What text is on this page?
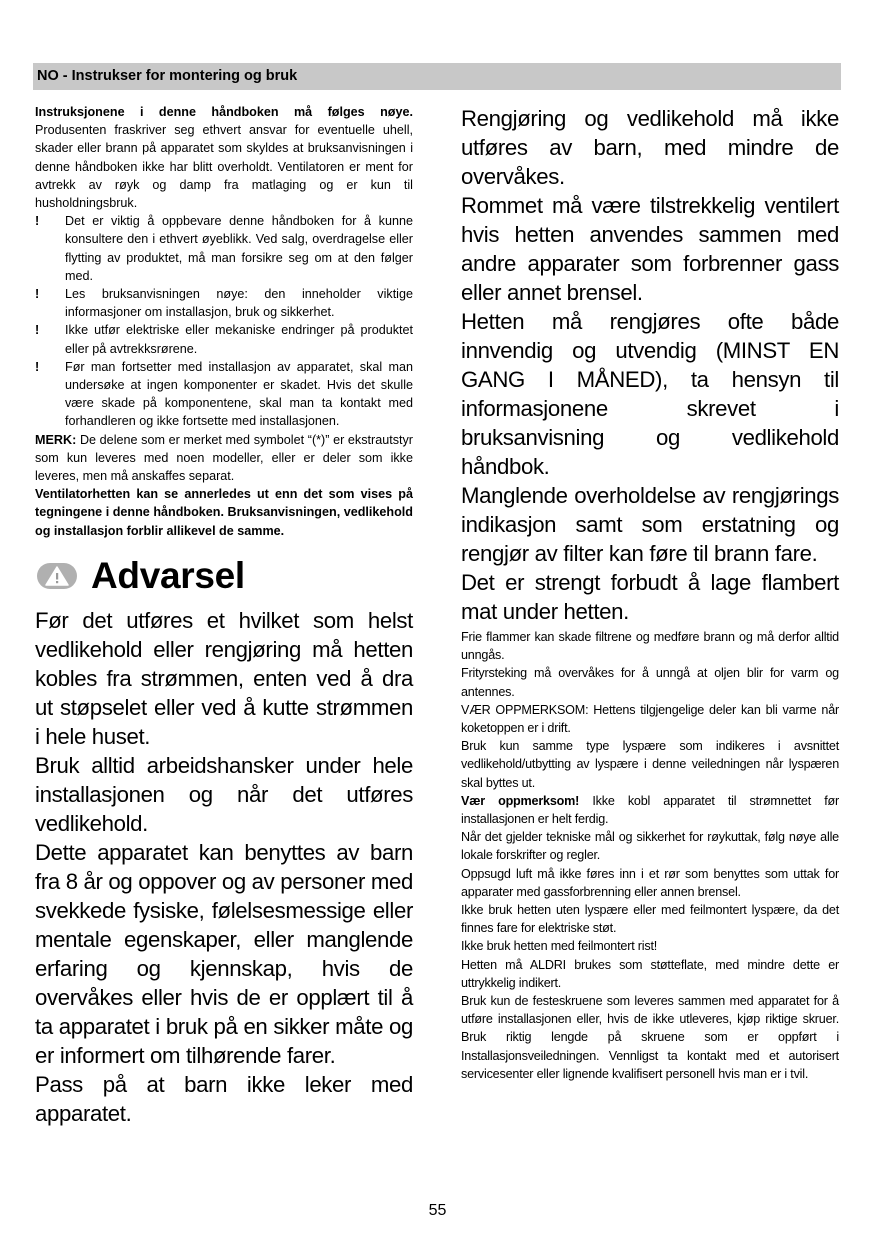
NO - Instrukser for montering og bruk

Instruksjonene i denne håndboken må følges nøye. Produsenten fraskriver seg ethvert ansvar for eventuelle uhell, skader eller brann på apparatet som skyldes at bruksanvisningen i denne håndboken ikke har blitt overholdt. Ventilatoren er ment for avtrekk av røyk og damp fra matlaging og er kun til husholdningsbruk.

! Det er viktig å oppbevare denne håndboken for å kunne konsultere den i ethvert øyeblikk. Ved salg, overdragelse eller flytting av produktet, må man forsikre seg om at den følger med.
! Les bruksanvisningen nøye: den inneholder viktige informasjoner om installasjon, bruk og sikkerhet.
! Ikke utfør elektriske eller mekaniske endringer på produktet eller på avtrekksrørene.
! Før man fortsetter med installasjon av apparatet, skal man undersøke at ingen komponenter er skadet. Hvis det skulle være skade på komponentene, skal man ta kontakt med forhandleren og ikke fortsette med installasjonen.

MERK: De delene som er merket med symbolet “(*)” er ekstrautstyr som kun leveres med noen modeller, eller er deler som ikke leveres, men må anskaffes separat.

Ventilatorhetten kan se annerledes ut enn det som vises på tegningene i denne håndboken. Bruksanvisningen, vedlikehold og installasjon forblir allikevel de samme.

Advarsel

Før det utføres et hvilket som helst vedlikehold eller rengjøring må hetten kobles fra strømmen, enten ved å dra ut støpselet eller ved å kutte strømmen i hele huset.

Bruk alltid arbeidshansker under hele installasjonen og når det utføres vedlikehold.

Dette apparatet kan benyttes av barn fra 8 år og oppover og av personer med svekkede fysiske, følelsesmessige eller mentale egenskaper, eller manglende erfaring og kjennskap, hvis de overvåkes eller hvis de er opplært til å ta apparatet i bruk på en sikker måte og er informert om tilhørende farer.

Pass på at barn ikke leker med apparatet.

Rengjøring og vedlikehold må ikke utføres av barn, med mindre de overvåkes.

Rommet må være tilstrekkelig ventilert hvis hetten anvendes sammen med andre apparater som forbrenner gass eller annet brensel.

Hetten må rengjøres ofte både innvendig og utvendig (MINST EN GANG I MÅNED), ta hensyn til informasjonene skrevet i bruksanvisning og vedlikehold håndbok.

Manglende overholdelse av rengjørings indikasjon samt som erstatning og rengjør av filter kan føre til brann fare.

Det er strengt forbudt å lage flambert mat under hetten.

Frie flammer kan skade filtrene og medføre brann og må derfor alltid unngås.

Frityrsteking må overvåkes for å unngå at oljen blir for varm og antennes.

VÆR OPPMERKSOM: Hettens tilgjengelige deler kan bli varme når koketoppen er i drift.

Bruk kun samme type lyspære som indikeres i avsnittet vedlikehold/utbytting av lyspære i denne veiledningen når lyspæren skal byttes ut.

Vær oppmerksom! Ikke kobl apparatet til strømnettet før installasjonen er helt ferdig.

Når det gjelder tekniske mål og sikkerhet for røykuttak, følg nøye alle lokale forskrifter og regler.

Oppsugd luft må ikke føres inn i et rør som benyttes som uttak for apparater med gassforbrenning eller annen brensel.

Ikke bruk hetten uten lyspære eller med feilmontert lyspære, da det finnes fare for elektriske støt.

Ikke bruk hetten med feilmontert rist!

Hetten må ALDRI brukes som støtteflate, med mindre dette er uttrykkelig indikert.

Bruk kun de festeskruene som leveres sammen med apparatet for å utføre installasjonen eller, hvis de ikke utleveres, kjøp riktige skruer. Bruk riktig lengde på skruene som er oppført i Installasjonsveiledningen. Vennligst ta kontakt med et autorisert servicesenter eller lignende kvalifisert personell hvis man er i tvil.

55
